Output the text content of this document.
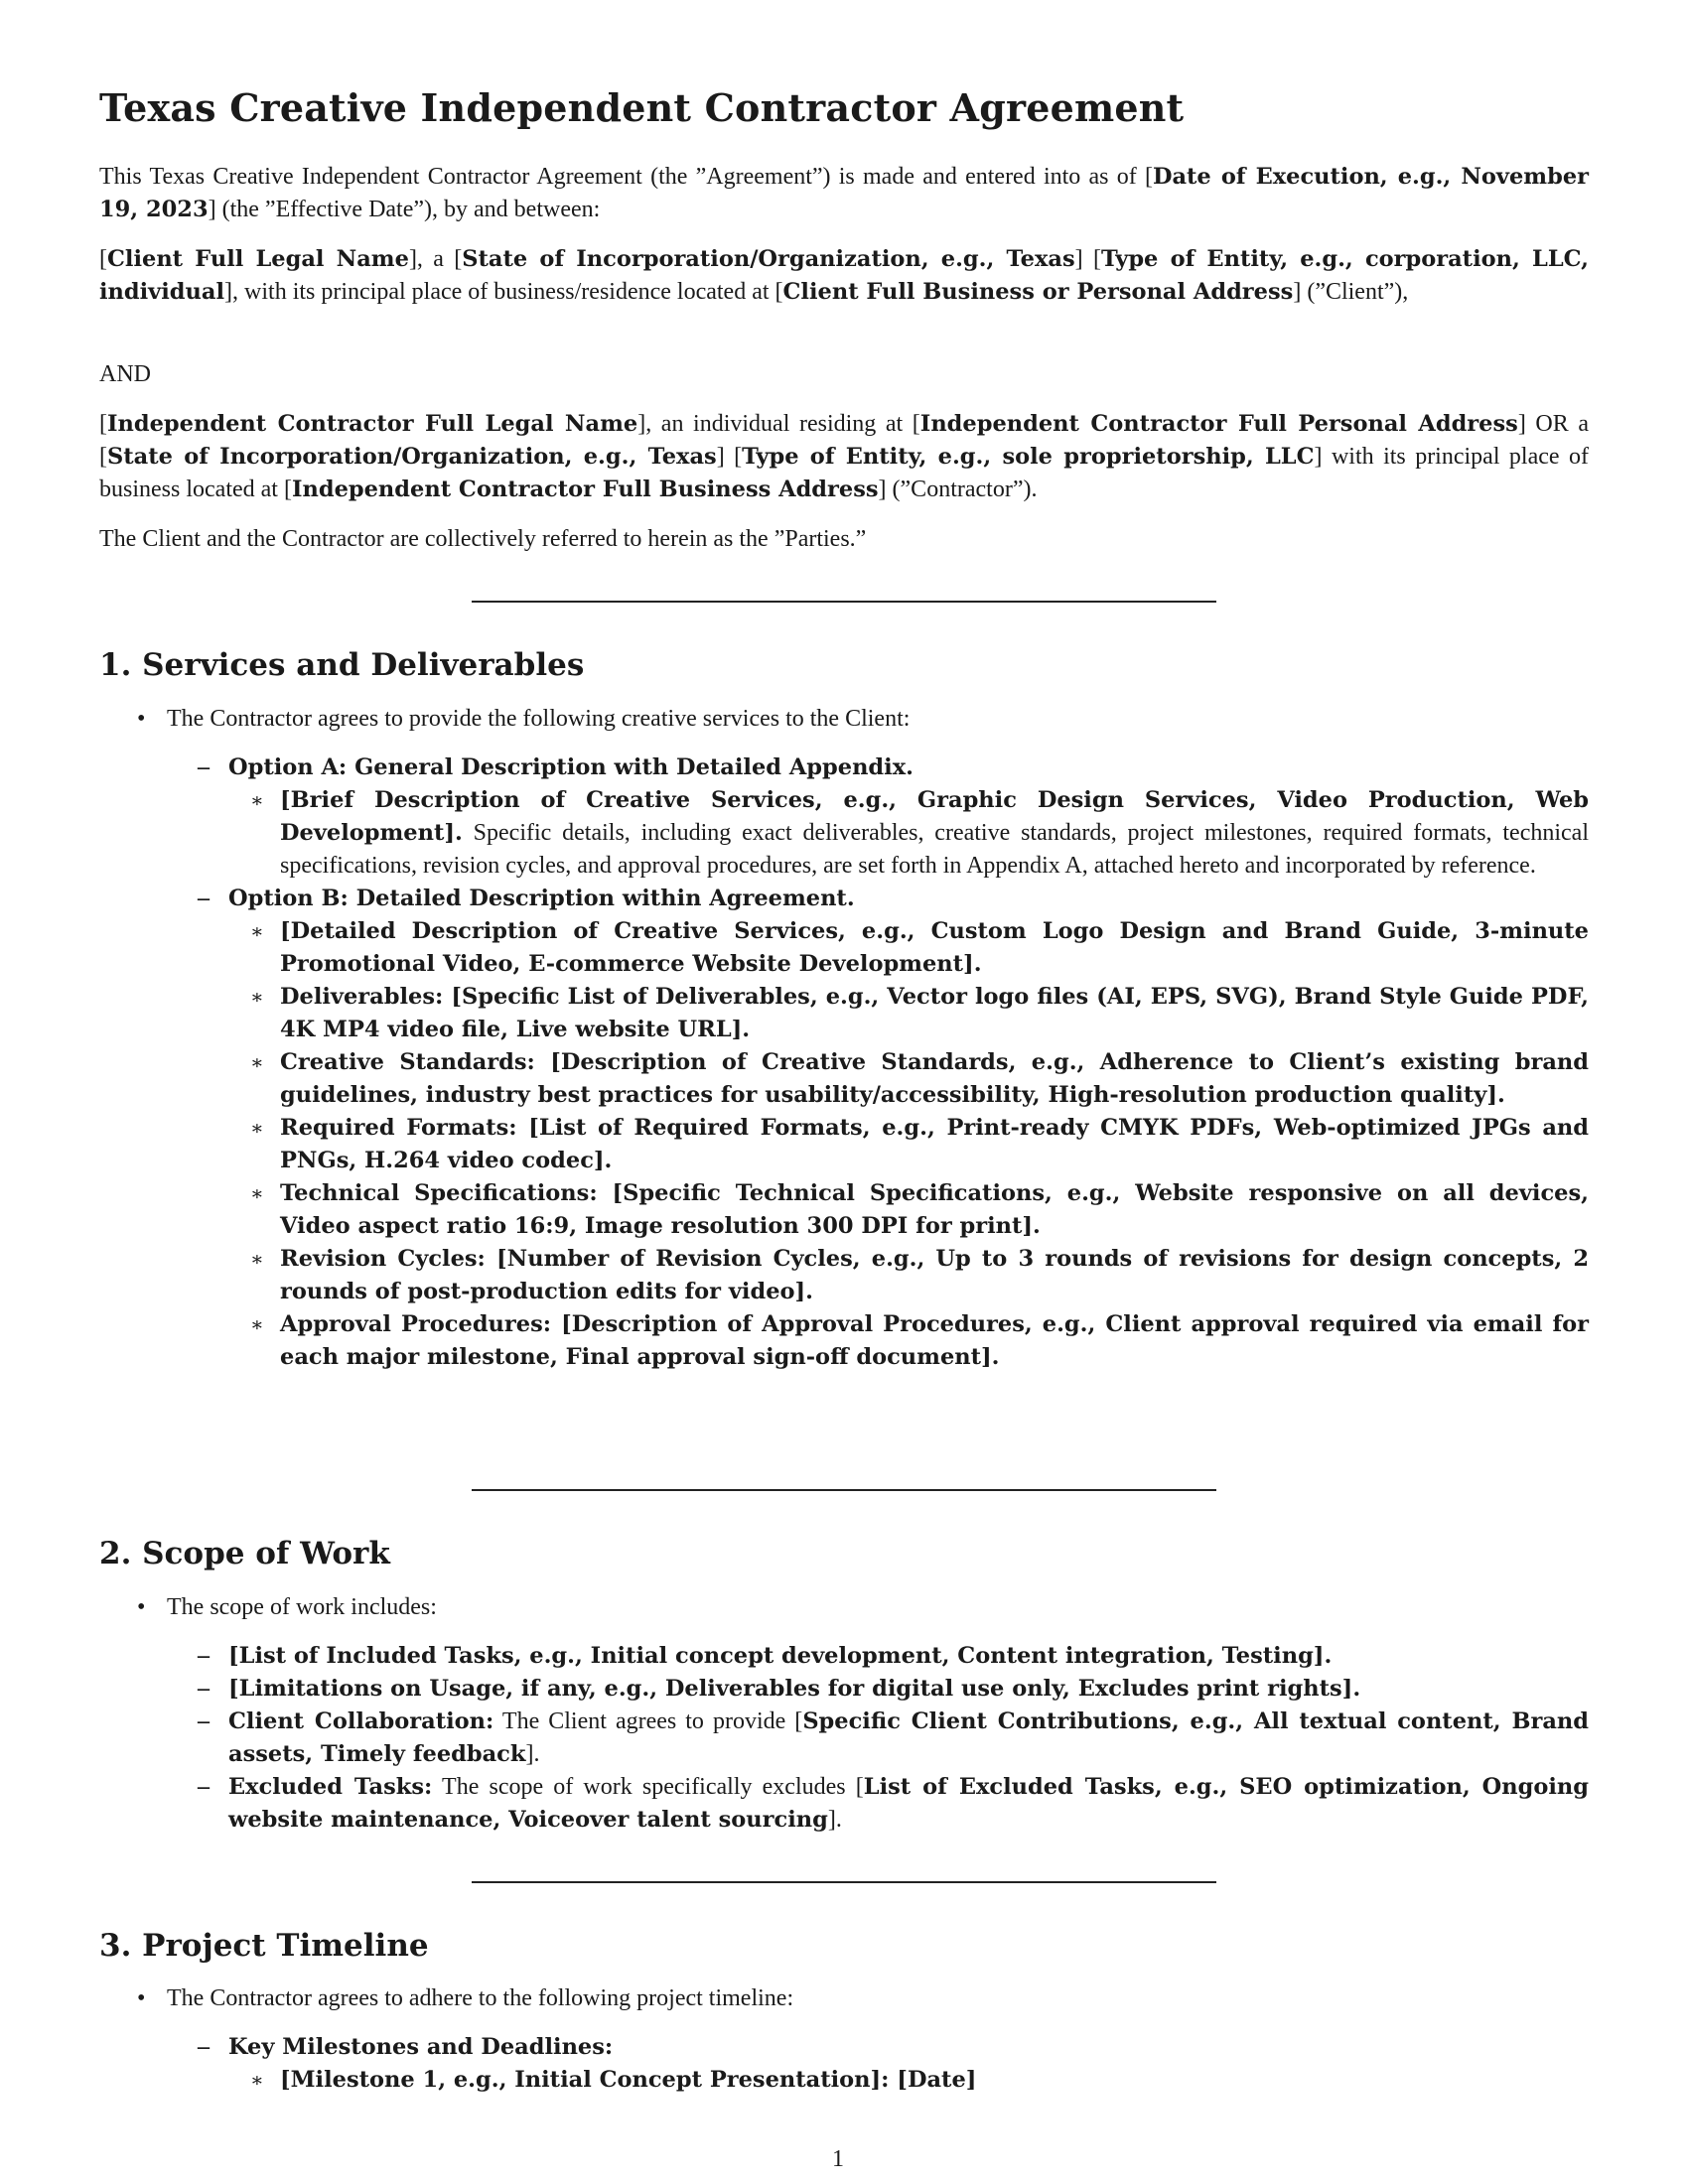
Texas Creative Independent Contractor Agreement

This Texas Creative Independent Contractor Agreement (the ”Agreement”) is made and entered into as of [Date of Execution, e.g., November 19, 2023] (the ”Effective Date”), by and between:

[Client Full Legal Name], a [State of Incorporation/Organization, e.g., Texas] [Type of Entity, e.g., corporation, LLC, individual], with its principal place of business/residence located at [Client Full Business or Personal Address] (”Client”),

AND

[Independent Contractor Full Legal Name], an individual residing at [Independent Contractor Full Personal Address] OR a [State of Incorporation/Organization, e.g., Texas] [Type of Entity, e.g., sole proprietorship, LLC] with its principal place of business located at [Independent Contractor Full Business Address] (”Contractor”).

The Client and the Contractor are collectively referred to herein as the ”Parties.”

1. Services and Deliverables
• The Contractor agrees to provide the following creative services to the Client:
– Option A: General Description with Detailed Appendix.
∗ [Brief Description of Creative Services, e.g., Graphic Design Services, Video Production, Web Development]. Specific details, including exact deliverables, creative standards, project milestones, required formats, technical specifications, revision cycles, and approval procedures, are set forth in Appendix A, attached hereto and incorporated by reference.
– Option B: Detailed Description within Agreement.
∗ [Detailed Description of Creative Services, e.g., Custom Logo Design and Brand Guide, 3-minute Promotional Video, E-commerce Website Development].
∗ Deliverables: [Specific List of Deliverables, e.g., Vector logo files (AI, EPS, SVG), Brand Style Guide PDF, 4K MP4 video file, Live website URL].
∗ Creative Standards: [Description of Creative Standards, e.g., Adherence to Client’s existing brand guidelines, industry best practices for usability/accessibility, High-resolution production quality].
∗ Required Formats: [List of Required Formats, e.g., Print-ready CMYK PDFs, Web-optimized JPGs and PNGs, H.264 video codec].
∗ Technical Specifications: [Specific Technical Specifications, e.g., Website responsive on all devices, Video aspect ratio 16:9, Image resolution 300 DPI for print].
∗ Revision Cycles: [Number of Revision Cycles, e.g., Up to 3 rounds of revisions for design concepts, 2 rounds of post-production edits for video].
∗ Approval Procedures: [Description of Approval Procedures, e.g., Client approval required via email for each major milestone, Final approval sign-off document].
2. Scope of Work
• The scope of work includes:
– [List of Included Tasks, e.g., Initial concept development, Content integration, Testing].
– [Limitations on Usage, if any, e.g., Deliverables for digital use only, Excludes print rights].
– Client Collaboration: The Client agrees to provide [Specific Client Contributions, e.g., All textual content, Brand assets, Timely feedback].
– Excluded Tasks: The scope of work specifically excludes [List of Excluded Tasks, e.g., SEO optimization, Ongoing website maintenance, Voiceover talent sourcing].
3. Project Timeline
• The Contractor agrees to adhere to the following project timeline:
– Key Milestones and Deadlines:
∗ [Milestone 1, e.g., Initial Concept Presentation]: [Date]
1
